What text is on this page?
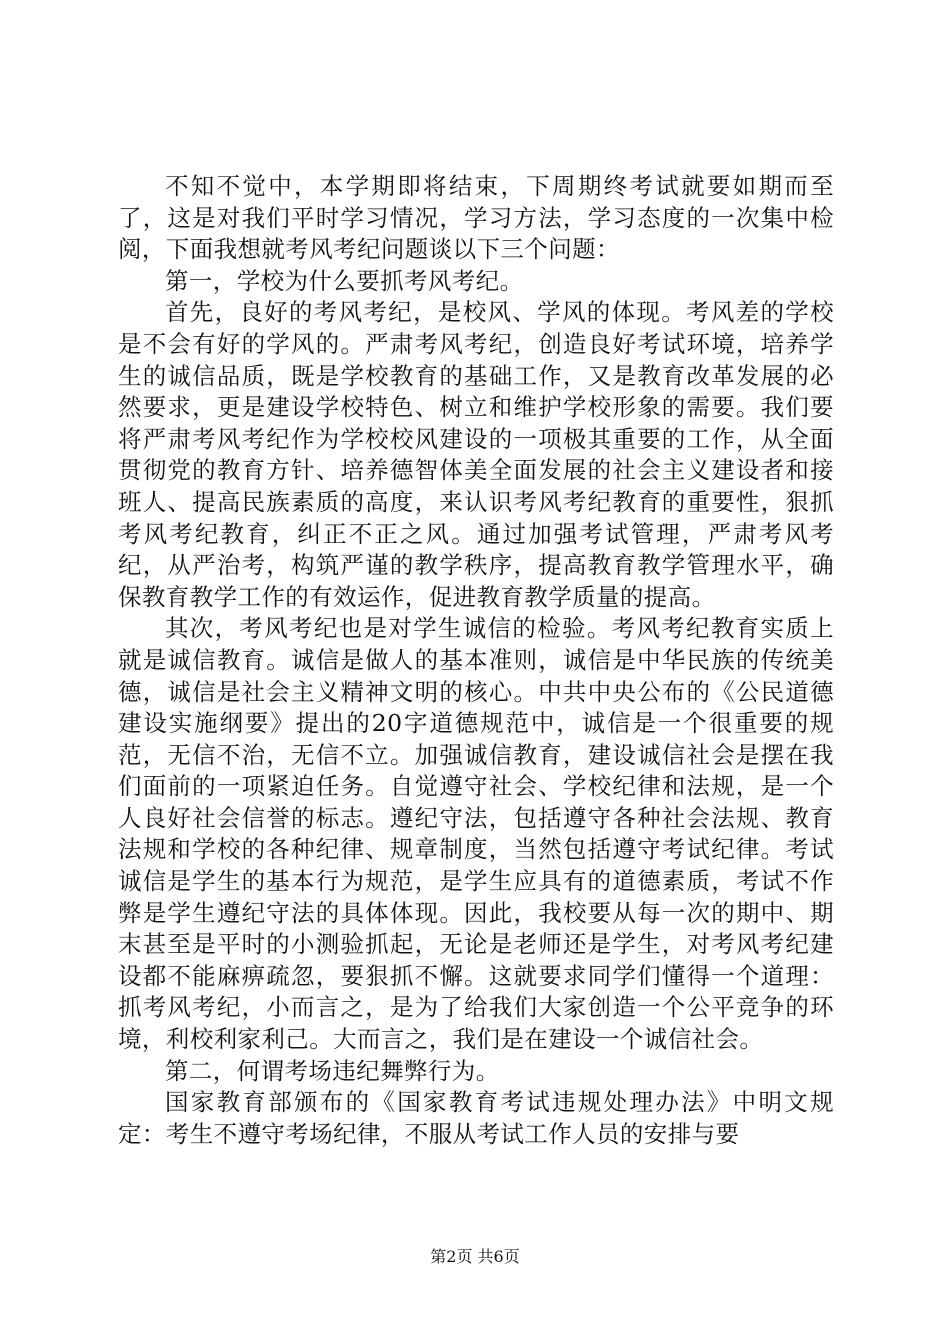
不知不觉中，本学期即将结束，下周期终考试就要如期而至了，这是对我们平时学习情况，学习方法，学习态度的一次集中检阅，下面我想就考风考纪问题谈以下三个问题：

第一，学校为什么要抓考风考纪。

首先，良好的考风考纪，是校风、学风的体现。考风差的学校是不会有好的学风的。严肃考风考纪，创造良好考试环境，培养学生的诚信品质，既是学校教育的基础工作，又是教育改革发展的必然要求，更是建设学校特色、树立和维护学校形象的需要。我们要将严肃考风考纪作为学校校风建设的一项极其重要的工作，从全面贯彻党的教育方针、培养德智体美全面发展的社会主义建设者和接班人、提高民族素质的高度，来认识考风考纪教育的重要性，狠抓考风考纪教育，纠正不正之风。通过加强考试管理，严肃考风考纪，从严治考，构筑严谨的教学秩序，提高教育教学管理水平，确保教育教学工作的有效运作，促进教育教学质量的提高。

其次，考风考纪也是对学生诚信的检验。考风考纪教育实质上就是诚信教育。诚信是做人的基本准则，诚信是中华民族的传统美德，诚信是社会主义精神文明的核心。中共中央公布的《公民道德建设实施纲要》提出的20字道德规范中，诚信是一个很重要的规范，无信不治，无信不立。加强诚信教育，建设诚信社会是摆在我们面前的一项紧迫任务。自觉遵守社会、学校纪律和法规，是一个人良好社会信誉的标志。遵纪守法，包括遵守各种社会法规、教育法规和学校的各种纪律、规章制度，当然包括遵守考试纪律。考试诚信是学生的基本行为规范，是学生应具有的道德素质，考试不作弊是学生遵纪守法的具体体现。因此，我校要从每一次的期中、期末甚至是平时的小测验抓起，无论是老师还是学生，对考风考纪建设都不能麻痹疏忽，要狠抓不懈。这就要求同学们懂得一个道理：抓考风考纪，小而言之，是为了给我们大家创造一个公平竞争的环境，利校利家利己。大而言之，我们是在建设一个诚信社会。

第二，何谓考场违纪舞弊行为。

国家教育部颁布的《国家教育考试违规处理办法》中明文规定：考生不遵守考场纪律，不服从考试工作人员的安排与要

第2页 共6页
